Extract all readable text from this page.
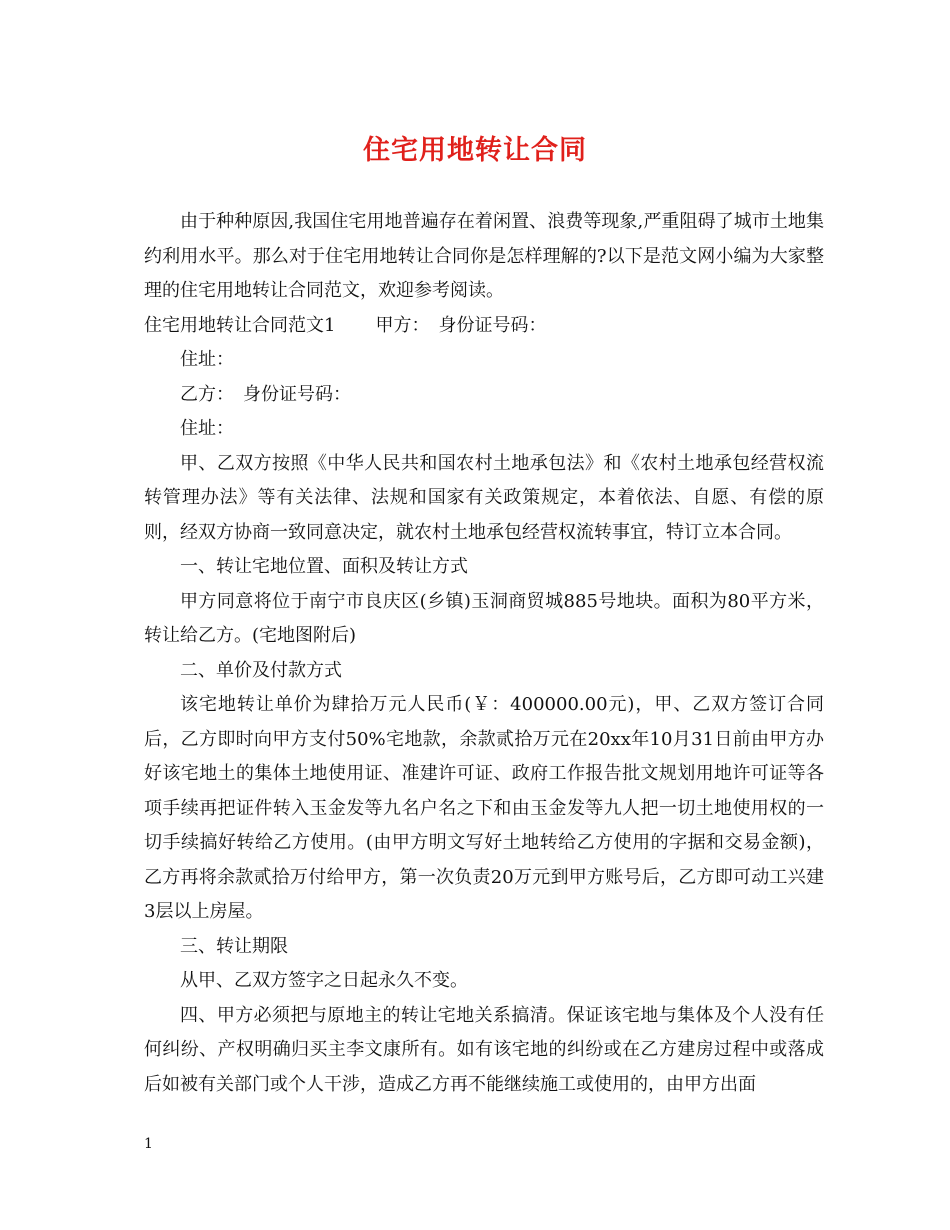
住宅用地转让合同

由于种种原因,我国住宅用地普遍存在着闲置、浪费等现象,严重阻碍了城市土地集约利用水平。那么对于住宅用地转让合同你是怎样理解的?以下是范文网小编为大家整理的住宅用地转让合同范文，欢迎参考阅读。

住宅用地转让合同范文1 甲方：　身份证号码：

住址：

乙方：　身份证号码：

住址：

甲、乙双方按照《中华人民共和国农村土地承包法》和《农村土地承包经营权流转管理办法》等有关法律、法规和国家有关政策规定，本着依法、自愿、有偿的原则，经双方协商一致同意决定，就农村土地承包经营权流转事宜，特订立本合同。

一、转让宅地位置、面积及转让方式

甲方同意将位于南宁市良庆区(乡镇)玉洞商贸城885号地块。面积为80平方米，转让给乙方。(宅地图附后)

二、单价及付款方式

该宅地转让单价为肆拾万元人民币(￥：400000.00元)，甲、乙双方签订合同后，乙方即时向甲方支付50%宅地款，余款贰拾万元在20xx年10月31日前由甲方办好该宅地土的集体土地使用证、准建许可证、政府工作报告批文规划用地许可证等各项手续再把证件转入玉金发等九名户名之下和由玉金发等九人把一切土地使用权的一切手续搞好转给乙方使用。(由甲方明文写好土地转给乙方使用的字据和交易金额)，乙方再将余款贰拾万付给甲方，第一次负责20万元到甲方账号后，乙方即可动工兴建3层以上房屋。

三、转让期限

从甲、乙双方签字之日起永久不变。

四、甲方必须把与原地主的转让宅地关系搞清。保证该宅地与集体及个人没有任何纠纷、产权明确归买主李文康所有。如有该宅地的纠纷或在乙方建房过程中或落成后如被有关部门或个人干涉，造成乙方再不能继续施工或使用的，由甲方出面

1
